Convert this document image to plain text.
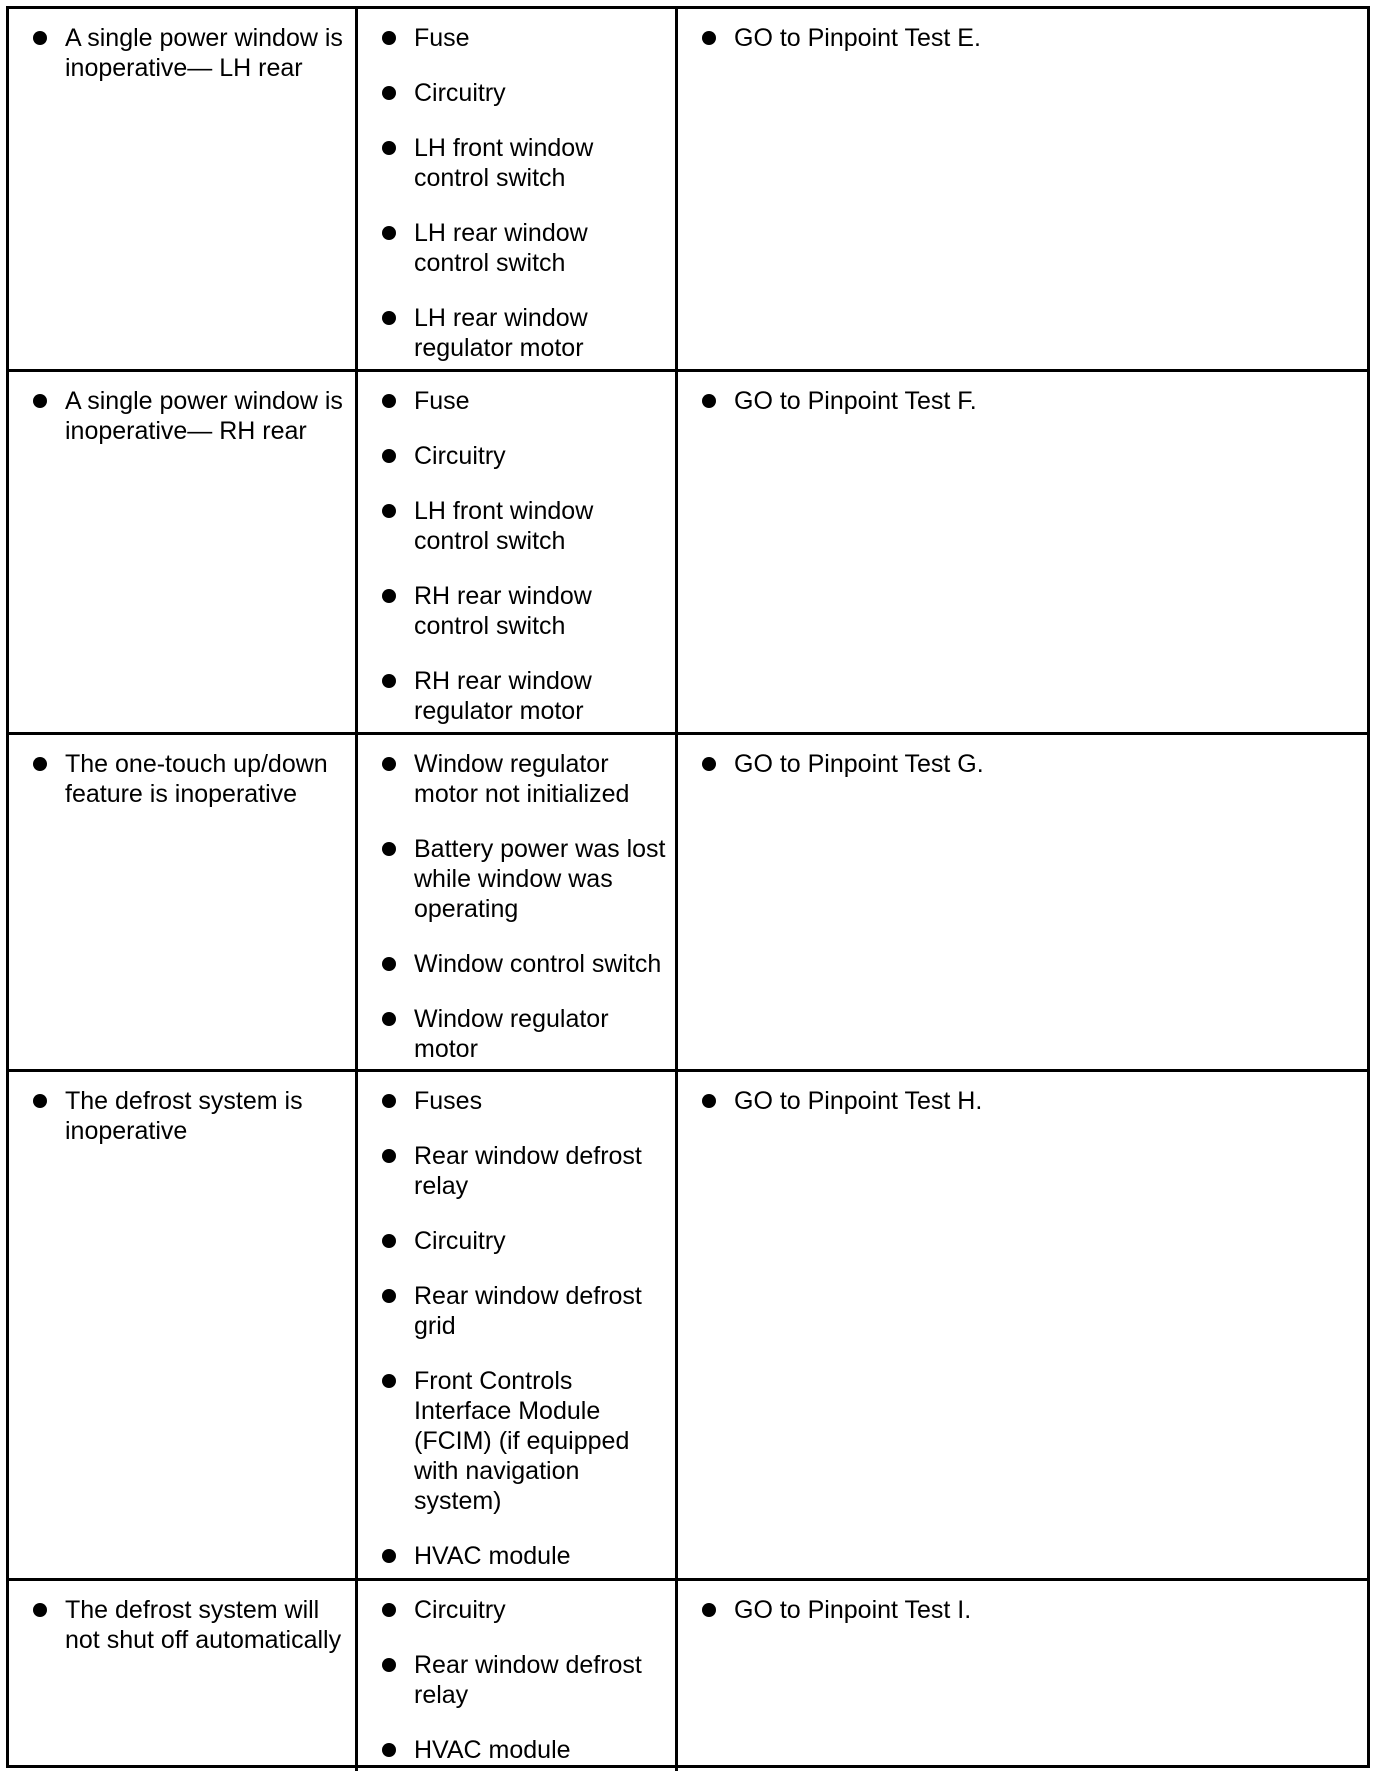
A single power window is inoperative— LH rear
Fuse
Circuitry
LH front window control switch
LH rear window control switch
LH rear window regulator motor
GO to Pinpoint Test E.
A single power window is inoperative— RH rear
Fuse
Circuitry
LH front window control switch
RH rear window control switch
RH rear window regulator motor
GO to Pinpoint Test F.
The one-touch up/down feature is inoperative
Window regulator motor not initialized
Battery power was lost while window was operating
Window control switch
Window regulator motor
GO to Pinpoint Test G.
The defrost system is inoperative
Fuses
Rear window defrost relay
Circuitry
Rear window defrost grid
Front Controls Interface Module (FCIM) (if equipped with navigation system)
HVAC module
GO to Pinpoint Test H.
The defrost system will not shut off automatically
Circuitry
Rear window defrost relay
HVAC module
GO to Pinpoint Test I.
